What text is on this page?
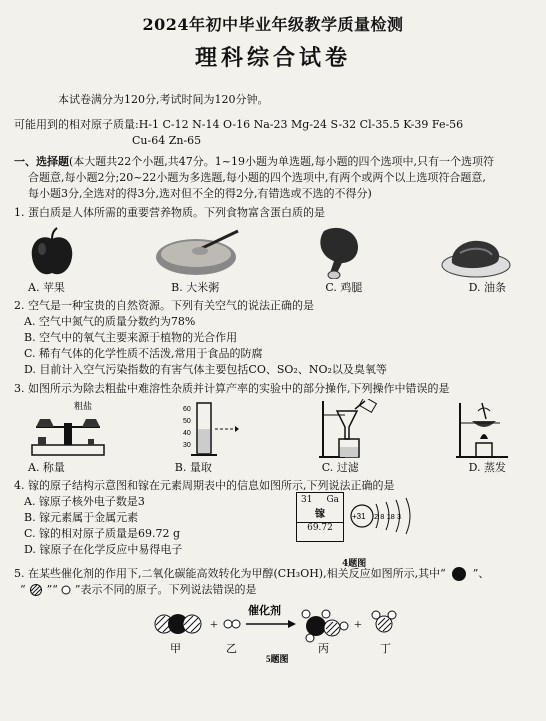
2024年初中毕业年级教学质量检测
理科综合试卷
本试卷满分为120分,考试时间为120分钟。
可能用到的相对原子质量:H-1 C-12 N-14 O-16 Na-23 Mg-24 S-32 Cl-35.5 K-39 Fe-56
Cu-64 Zn-65
一、选择题(本大题共22个小题,共47分。1~19小题为单选题,每小题的四个选项中,只有一个选项符
合题意,每小题2分;20~22小题为多选题,每小题的四个选项中,有两个或两个以上选项符合题意,
每小题3分,全选对的得3分,选对但不全的得2分,有错选或不选的不得分)
1. 蛋白质是人体所需的重要营养物质。下列食物富含蛋白质的是
A. 苹果	B. 大米粥	C. 鸡腿	D. 油条
2. 空气是一种宝贵的自然资源。下列有关空气的说法正确的是
A. 空气中氮气的质量分数约为78%
B. 空气中的氧气主要来源于植物的光合作用
C. 稀有气体的化学性质不活泼,常用于食品的防腐
D. 目前计入空气污染指数的有害气体主要包括CO、SO₂、NO₂以及臭氧等
3. 如图所示为除去粗盐中难溶性杂质并计算产率的实验中的部分操作,下列操作中错误的是
粗盐	60
50
40
30
A. 称量	B. 量取	C. 过滤	D. 蒸发
4. 镓的原子结构示意图和镓在元素周期表中的信息如图所示,下列说法正确的是
A. 镓原子核外电子数是3
B. 镓元素属于金属元素
C. 镓的相对原子质量是69.72 g
D. 镓原子在化学反应中易得电子
31 Ga
镓
69.72
+31 2 8 18 3
4题图
5. 在某些催化剂的作用下,二氧化碳能高效转化为甲醇(CH₃OH),相关反应如图所示,其中“ ”、
“ ”“ ”表示不同的原子。下列说法错误的是
+
催化剂
+
甲	乙	丙	丁
5题图
